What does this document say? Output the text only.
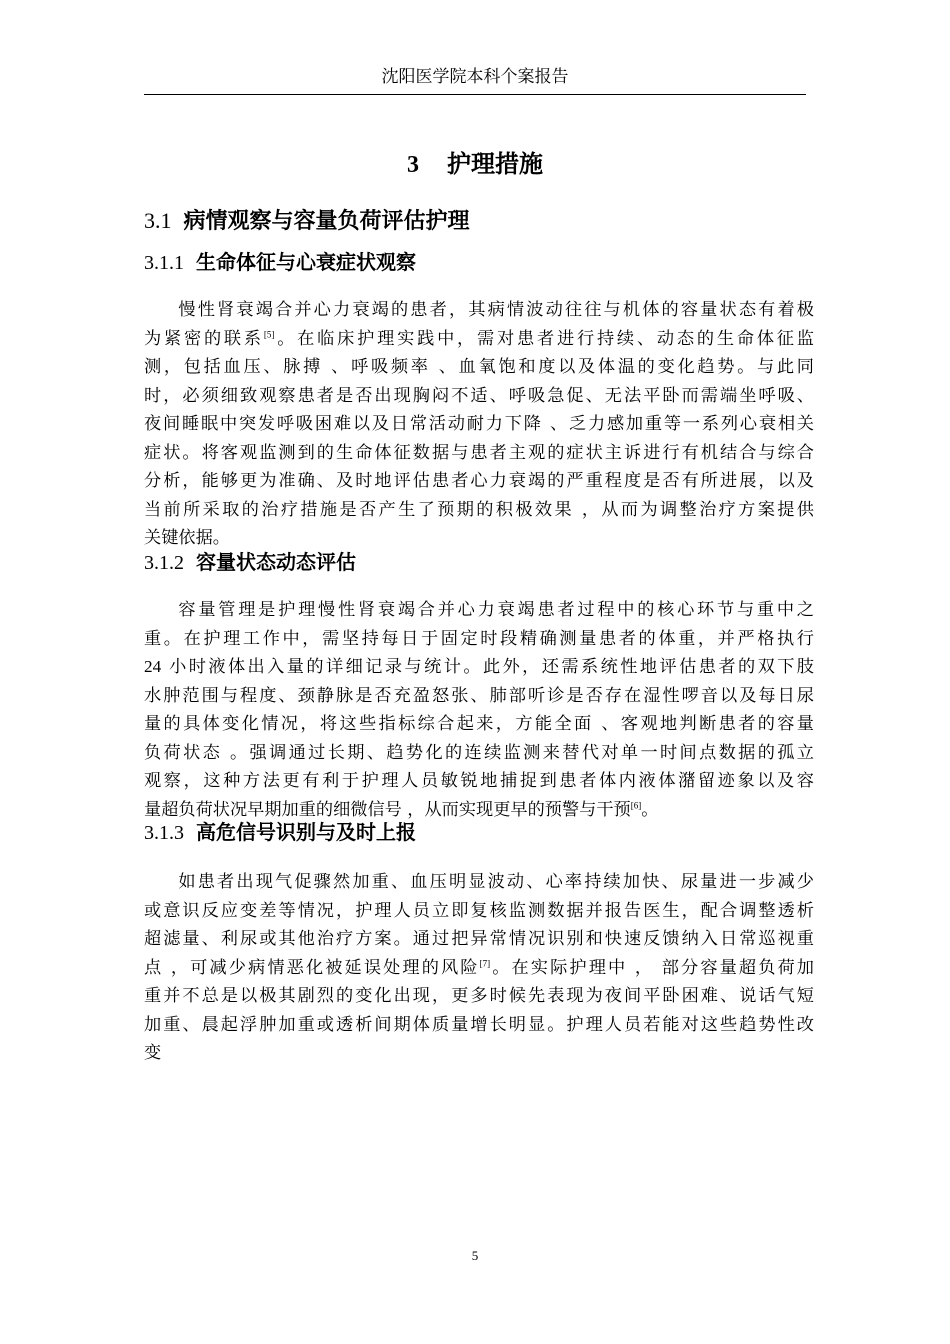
沈阳医学院本科个案报告
3 护理措施
3.1 病情观察与容量负荷评估护理
3.1.1 生命体征与心衰症状观察
慢性肾衰竭合并心力衰竭的患者，其病情波动往往与机体的容量状态有着极
为紧密的联系[5]。在临床护理实践中，需对患者进行持续、动态的生命体征监
测，包括血压、脉搏 、呼吸频率 、血氧饱和度以及体温的变化趋势。与此同
时，必须细致观察患者是否出现胸闷不适、呼吸急促、无法平卧而需端坐呼吸、
夜间睡眠中突发呼吸困难以及日常活动耐力下降 、乏力感加重等一系列心衰相关
症状。将客观监测到的生命体征数据与患者主观的症状主诉进行有机结合与综合
分析，能够更为准确、及时地评估患者心力衰竭的严重程度是否有所进展，以及
当前所采取的治疗措施是否产生了预期的积极效果 ，从而为调整治疗方案提供
关键依据。
3.1.2 容量状态动态评估
容量管理是护理慢性肾衰竭合并心力衰竭患者过程中的核心环节与重中之
重。在护理工作中，需坚持每日于固定时段精确测量患者的体重，并严格执行
24 小时液体出入量的详细记录与统计。此外，还需系统性地评估患者的双下肢
水肿范围与程度、颈静脉是否充盈怒张、肺部听诊是否存在湿性啰音以及每日尿
量的具体变化情况，将这些指标综合起来，方能全面 、客观地判断患者的容量
负荷状态 。强调通过长期、趋势化的连续监测来替代对单一时间点数据的孤立
观察，这种方法更有利于护理人员敏锐地捕捉到患者体内液体潴留迹象以及容
量超负荷状况早期加重的细微信号 ，从而实现更早的预警与干预[6]。
3.1.3 高危信号识别与及时上报
如患者出现气促骤然加重、血压明显波动、心率持续加快、尿量进一步减少
或意识反应变差等情况，护理人员立即复核监测数据并报告医生，配合调整透析
超滤量、利尿或其他治疗方案。通过把异常情况识别和快速反馈纳入日常巡视重
点 ，可减少病情恶化被延误处理的风险[7]。在实际护理中 ， 部分容量超负荷加
重并不总是以极其剧烈的变化出现，更多时候先表现为夜间平卧困难、说话气短
加重、晨起浮肿加重或透析间期体质量增长明显。护理人员若能对这些趋势性改
变
5
